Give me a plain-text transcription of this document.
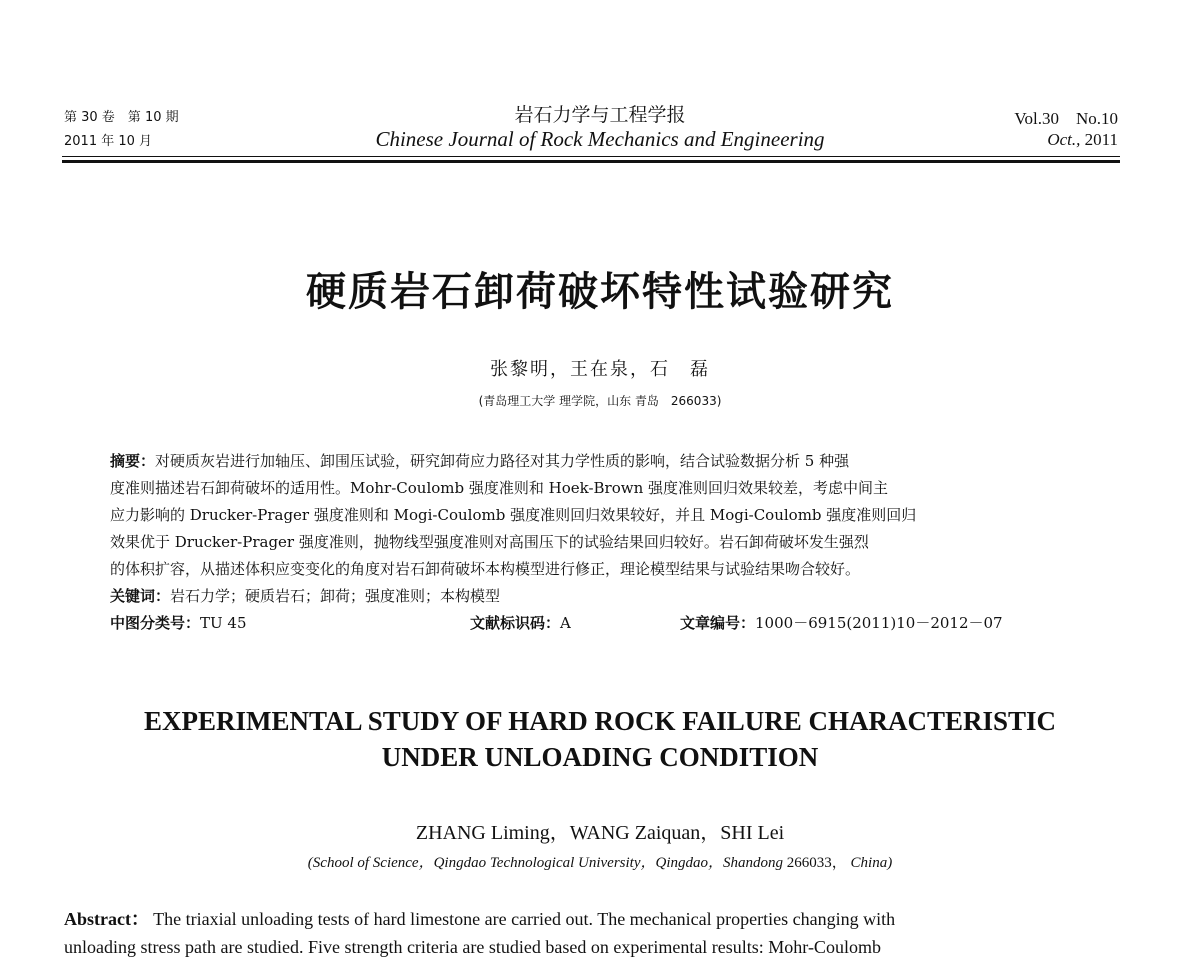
第 30 卷　第 10 期
2011 年 10 月
岩石力学与工程学报
Chinese Journal of Rock Mechanics and Engineering
Vol.30　No.10
Oct., 2011
硬质岩石卸荷破坏特性试验研究
张黎明，王在泉，石　磊
(青岛理工大学 理学院，山东 青岛　266033)
摘要：对硬质灰岩进行加轴压、卸围压试验，研究卸荷应力路径对其力学性质的影响，结合试验数据分析 5 种强
度准则描述岩石卸荷破坏的适用性。Mohr-Coulomb 强度准则和 Hoek-Brown 强度准则回归效果较差，考虑中间主
应力影响的 Drucker-Prager 强度准则和 Mogi-Coulomb 强度准则回归效果较好，并且 Mogi-Coulomb 强度准则回归
效果优于 Drucker-Prager 强度准则，抛物线型强度准则对高围压下的试验结果回归较好。岩石卸荷破坏发生强烈
的体积扩容，从描述体积应变变化的角度对岩石卸荷破坏本构模型进行修正，理论模型结果与试验结果吻合较好。
关键词：岩石力学；硬质岩石；卸荷；强度准则；本构模型
中图分类号：TU 45	文献标识码：A	文章编号：1000－6915(2011)10－2012－07
EXPERIMENTAL STUDY OF HARD ROCK FAILURE CHARACTERISTIC
UNDER UNLOADING CONDITION
ZHANG Liming，WANG Zaiquan，SHI Lei
(School of Science，Qingdao Technological University，Qingdao，Shandong 266033， China)
Abstract： The triaxial unloading tests of hard limestone are carried out. The mechanical properties changing with
unloading stress path are studied. Five strength criteria are studied based on experimental results: Mohr-Coulomb
